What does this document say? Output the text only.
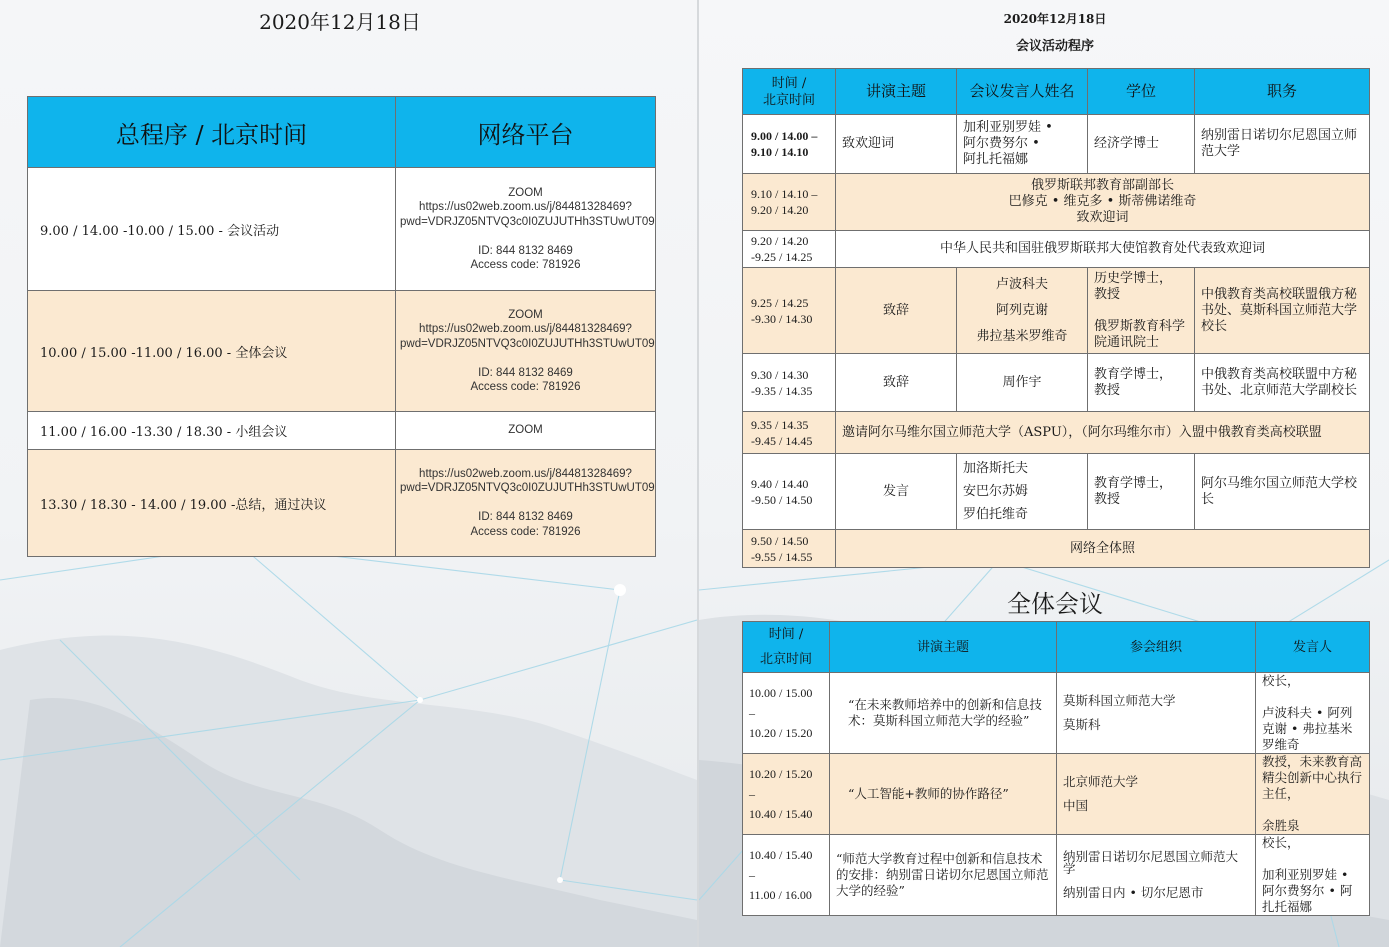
2020年12月18日
总程序 / 北京时间	网络平台
9.00 / 14.00 -10.00 / 15.00 - 会议活动	ZOOM
https://us02web.zoom.us/j/84481328469?pwd=VDRJZ05NTVQ3c0I0ZUJUTHh3STUwUT09

ID: 844 8132 8469
Access code: 781926
10.00 / 15.00 -11.00 / 16.00 - 全体会议	ZOOM
https://us02web.zoom.us/j/84481328469?pwd=VDRJZ05NTVQ3c0I0ZUJUTHh3STUwUT09

ID: 844 8132 8469
Access code: 781926
11.00 / 16.00 -13.30 / 18.30 - 小组会议	ZOOM
13.30 / 18.30 - 14.00 / 19.00 -总结，通过决议	https://us02web.zoom.us/j/84481328469?pwd=VDRJZ05NTVQ3c0I0ZUJUTHh3STUwUT09

ID: 844 8132 8469
Access code: 781926
2020年12月18日
会议活动程序
时间 /
北京时间	讲演主题	会议发言人姓名	学位	职务
9.00 / 14.00 –
9.10 / 14.10	致欢迎词	加利亚别罗娃 •
阿尔费努尔 •
阿扎托福娜	经济学博士	纳别雷日诺切尔尼恩国立师范大学
9.10 / 14.10 –
9.20 / 14.20	俄罗斯联邦教育部副部长
巴修克 • 维克多 • 斯蒂佛诺维奇
致欢迎词			
9.20 / 14.20
-9.25 / 14.25	中华人民共和国驻俄罗斯联邦大使馆教育处代表致欢迎词			
9.25 / 14.25
-9.30 / 14.30	致辞	卢波科夫
阿列克谢
弗拉基米罗维奇	历史学博士，
教授

俄罗斯教育科学院通讯院士	中俄教育类高校联盟俄方秘书处、莫斯科国立师范大学校长
9.30 / 14.30
-9.35 / 14.35	致辞	周作宇	教育学博士，
教授	中俄教育类高校联盟中方秘书处、北京师范大学副校长
9.35 / 14.35
-9.45 / 14.45	邀请阿尔马维尔国立师范大学（ASPU），（阿尔玛维尔市）入盟中俄教育类高校联盟			
9.40 / 14.40
-9.50 / 14.50	发言	加洛斯托夫
安巴尔苏姆
罗伯托维奇	教育学博士，
教授	阿尔马维尔国立师范大学校长
9.50 / 14.50
-9.55 / 14.55	网络全体照			
全体会议
时间 /
北京时间	讲演主题	参会组织	发言人
10.00 / 15.00
–
10.20 / 15.20	“在未来教师培养中的创新和信息技术：莫斯科国立师范大学的经验”	莫斯科国立师范大学

莫斯科	校长，

卢波科夫 • 阿列克谢 • 弗拉基米罗维奇
10.20 / 15.20
–
10.40 / 15.40	“人工智能+教师的协作路径”	北京师范大学

中国	教授，未来教育高精尖创新中心执行主任，

余胜泉
10.40 / 15.40
–
11.00 / 16.00	“师范大学教育过程中创新和信息技术的安排：纳别雷日诺切尔尼恩国立师范大学的经验”	纳别雷日诺切尔尼恩国立师范大学

纳别雷日内 • 切尔尼恩市	校长，

加利亚别罗娃 • 阿尔费努尔 • 阿扎托福娜
